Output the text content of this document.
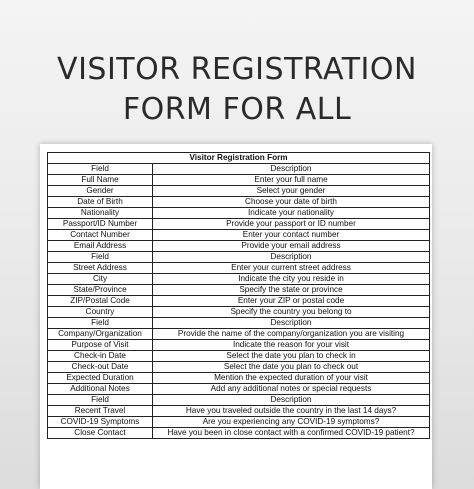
VISITOR REGISTRATION
FORM FOR ALL
Visitor Registration Form	
Field	Description
Full Name	Enter your full name
Gender	Select your gender
Date of Birth	Choose your date of birth
Nationality	Indicate your nationality
Passport/ID Number	Provide your passport or ID number
Contact Number	Enter your contact number
Email Address	Provide your email address
Field	Description
Street Address	Enter your current street address
City	Indicate the city you reside in
State/Province	Specify the state or province
ZIP/Postal Code	Enter your ZIP or postal code
Country	Specify the country you belong to
Field	Description
Company/Organization	Provide the name of the company/organization you are visiting
Purpose of Visit	Indicate the reason for your visit
Check-in Date	Select the date you plan to check in
Check-out Date	Select the date you plan to check out
Expected Duration	Mention the expected duration of your visit
Additional Notes	Add any additional notes or special requests
Field	Description
Recent Travel	Have you traveled outside the country in the last 14 days?
COVID-19 Symptoms	Are you experiencing any COVID-19 symptoms?
Close Contact	Have you been in close contact with a confirmed COVID-19 patient?
